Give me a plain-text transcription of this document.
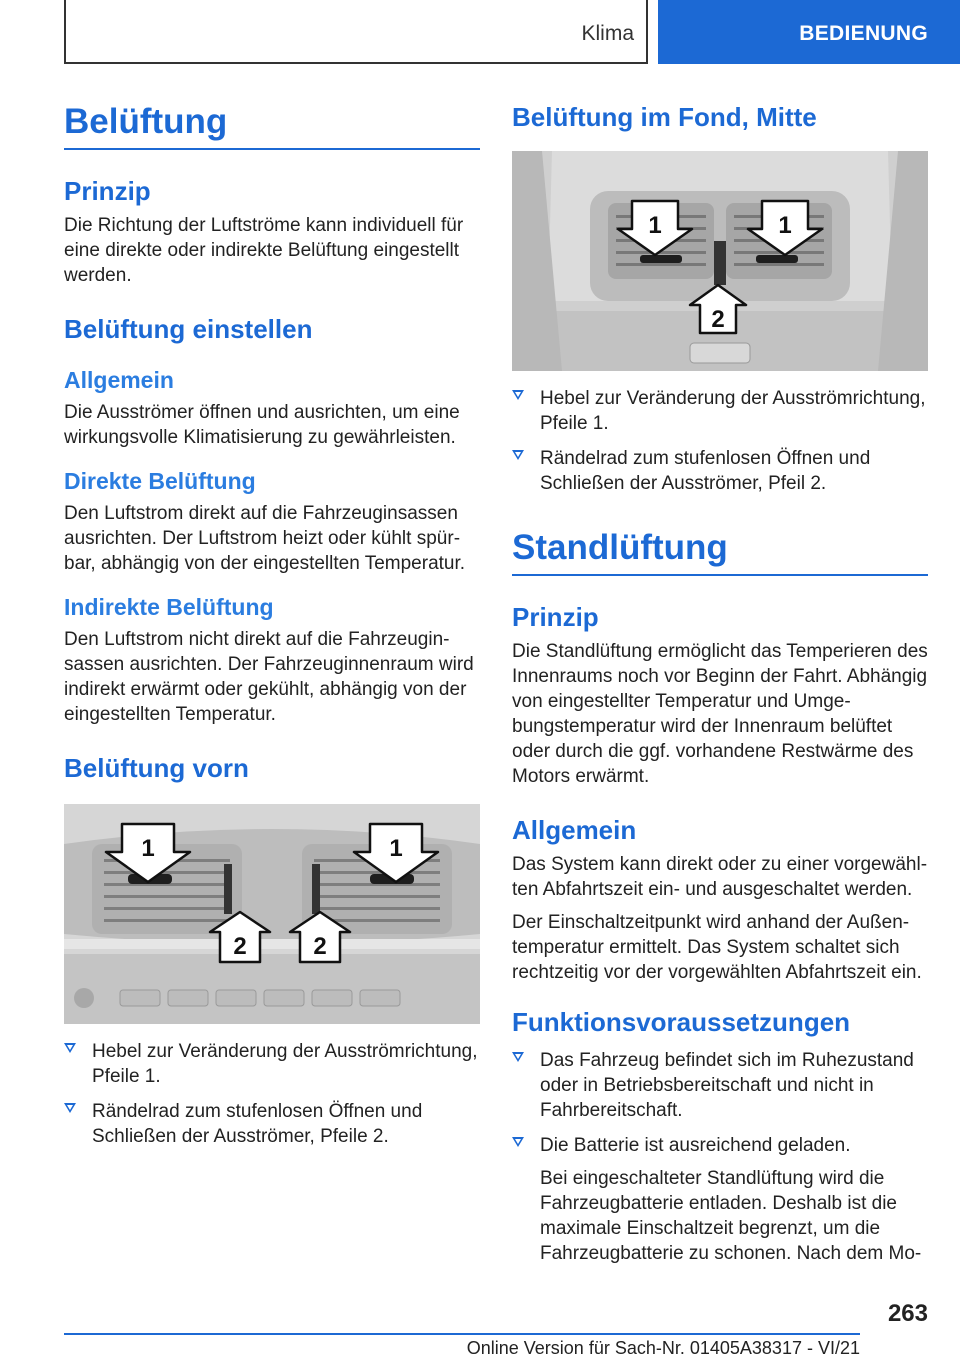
Klima	BEDIENUNG
Belüftung
Prinzip

Die Richtung der Luftströme kann individuell für eine direkte oder indirekte Belüftung eingestellt werden.

Belüftung einstellen
Allgemein

Die Ausströmer öffnen und ausrichten, um eine wirkungsvolle Klimatisierung zu gewährleisten.

Direkte Belüftung

Den Luftstrom direkt auf die Fahrzeuginsassen ausrichten. Der Luftstrom heizt oder kühlt spürbar, abhängig von der eingestellten Temperatur.

Indirekte Belüftung

Den Luftstrom nicht direkt auf die Fahrzeuginsassen ausrichten. Der Fahrzeuginnenraum wird indirekt erwärmt oder gekühlt, abhängig von der eingestellten Temperatur.

Belüftung vorn
1	1
2	2
Hebel zur Veränderung der Ausströmrichtung, Pfeile 1.
Rändelrad zum stufenlosen Öffnen und Schließen der Ausströmer, Pfeile 2.
Belüftung im Fond, Mitte
1	1
2
Hebel zur Veränderung der Ausströmrichtung, Pfeile 1.
Rändelrad zum stufenlosen Öffnen und Schließen der Ausströmer, Pfeil 2.
Standlüftung
Prinzip

Die Standlüftung ermöglicht das Temperieren des Innenraums noch vor Beginn der Fahrt. Abhängig von eingestellter Temperatur und Umgebungstemperatur wird der Innenraum belüftet oder durch die ggf. vorhandene Restwärme des Motors erwärmt.

Allgemein

Das System kann direkt oder zu einer vorgewählten Abfahrtszeit ein- und ausgeschaltet werden.

Der Einschaltzeitpunkt wird anhand der Außentemperatur ermittelt. Das System schaltet sich rechtzeitig vor der vorgewählten Abfahrtszeit ein.

Funktionsvoraussetzungen
Das Fahrzeug befindet sich im Ruhezustand oder in Betriebsbereitschaft und nicht in Fahrbereitschaft.
Die Batterie ist ausreichend geladen.

Bei eingeschalteter Standlüftung wird die Fahrzeugbatterie entladen. Deshalb ist die maximale Einschaltzeit begrenzt, um die Fahrzeugbatterie zu schonen. Nach dem Mo-

263
Online Version für Sach-Nr. 01405A38317 - VI/21
